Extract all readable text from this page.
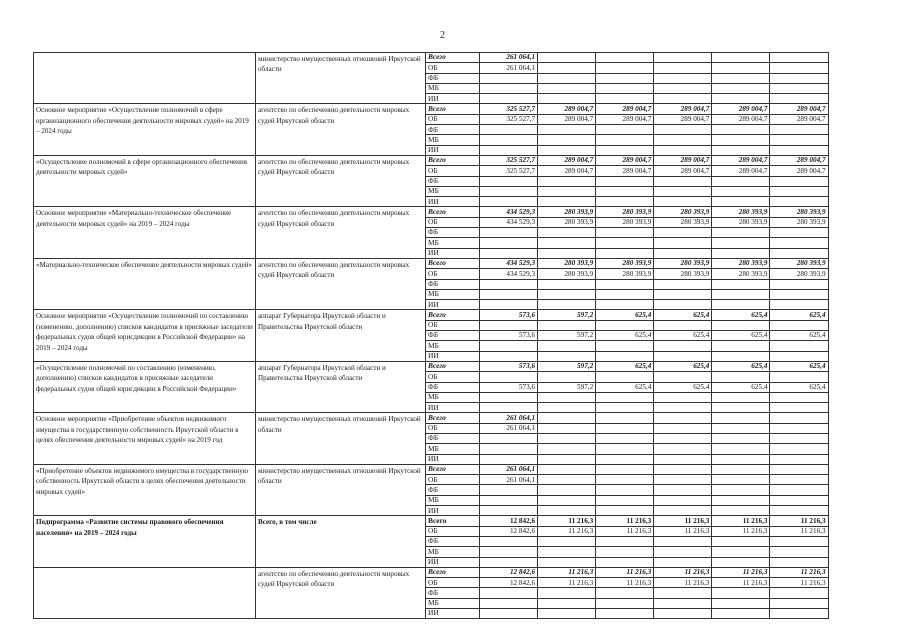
2
	министерство имущественных отношений Иркутской области	Всего	261 064,1					
		ОБ	261 064,1					
		ФБ						
		МБ						
		ИИ						
Основное мероприятие «Осуществление полномочий в сфере организационного обеспечения деятельности мировых судей» на 2019 – 2024 годы	агентство по обеспечению деятельности мировых судей Иркутской области	Всего	325 527,7	289 004,7	289 004,7	289 004,7	289 004,7	289 004,7
		ОБ	325 527,7	289 004,7	289 004,7	289 004,7	289 004,7	289 004,7
		ФБ						
		МБ						
		ИИ						
«Осуществление полномочий в сфере организационного обеспечения деятельности мировых судей»	агентство по обеспечению деятельности мировых судей Иркутской области	Всего	325 527,7	289 004,7	289 004,7	289 004,7	289 004,7	289 004,7
		ОБ	325 527,7	289 004,7	289 004,7	289 004,7	289 004,7	289 004,7
		ФБ						
		МБ						
		ИИ						
Основное мероприятие «Материально-техническое обеспечение деятельности мировых судей» на 2019 – 2024 годы	агентство по обеспечению деятельности мировых судей Иркутской области	Всего	434 529,3	280 393,9	280 393,9	280 393,9	280 393,9	280 393,9
		ОБ	434 529,3	280 393,9	280 393,9	280 393,9	280 393,9	280 393,9
		ФБ						
		МБ						
		ИИ						
«Материально-техническое обеспечение деятельности мировых судей»	агентство по обеспечению деятельности мировых судей Иркутской области	Всего	434 529,3	280 393,9	280 393,9	280 393,9	280 393,9	280 393,9
		ОБ	434 529,3	280 393,9	280 393,9	280 393,9	280 393,9	280 393,9
		ФБ						
		МБ						
		ИИ						
Основное мероприятие «Осуществление полномочий по составлению (изменению, дополнению) списков кандидатов в присяжные заседатели федеральных судов общей юрисдикции в Российской Федерации» на 2019 – 2024 годы	аппарат Губернатора Иркутской области и Правительства Иркутской области	Всего	573,6	597,2	625,4	625,4	625,4	625,4
		ОБ						
		ФБ	573,6	597,2	625,4	625,4	625,4	625,4
		МБ						
		ИИ						
«Осуществление полномочий по составлению (изменению, дополнению) списков кандидатов в присяжные заседатели федеральных судов общей юрисдикции в Российской Федерации»	аппарат Губернатора Иркутской области и Правительства Иркутской области	Всего	573,6	597,2	625,4	625,4	625,4	625,4
		ОБ						
		ФБ	573,6	597,2	625,4	625,4	625,4	625,4
		МБ						
		ИИ						
Основное мероприятие «Приобретение объектов недвижимого имущества в государственную собственность Иркутской области в целях обеспечения деятельности мировых судей» на 2019 год	министерство имущественных отношений Иркутской области	Всего	261 064,1					
		ОБ	261 064,1					
		ФБ						
		МБ						
		ИИ						
«Приобретение объектов недвижимого имущества в государственную собственность Иркутской области в целях обеспечения деятельности мировых судей»	министерство имущественных отношений Иркутской области	Всего	261 064,1					
		ОБ	261 064,1					
		ФБ						
		МБ						
		ИИ						
Подпрограмма «Развитие системы правового обеспечения населения» на 2019 – 2024 годы	Всего, в том числе	Всего	12 842,6	11 216,3	11 216,3	11 216,3	11 216,3	11 216,3
		ОБ	12 842,6	11 216,3	11 216,3	11 216,3	11 216,3	11 216,3
		ФБ						
		МБ						
		ИИ						
	агентство по обеспечению деятельности мировых судей Иркутской области	Всего	12 842,6	11 216,3	11 216,3	11 216,3	11 216,3	11 216,3
		ОБ	12 842,6	11 216,3	11 216,3	11 216,3	11 216,3	11 216,3
		ФБ						
		МБ						
		ИИ						
